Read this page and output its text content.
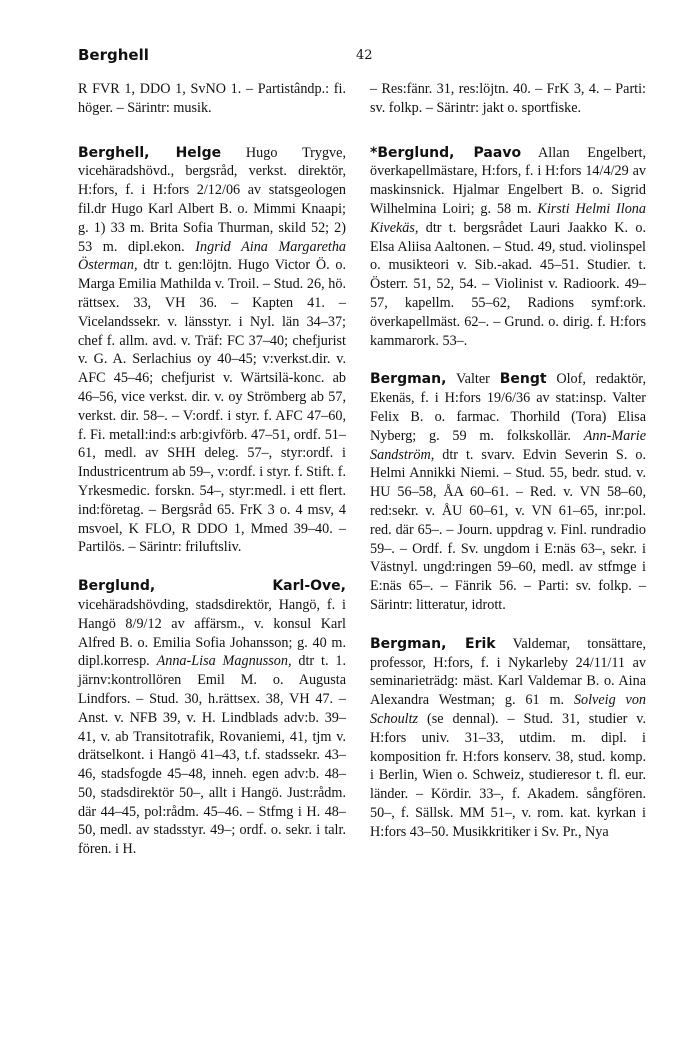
Berghell	42

R FVR 1, DDO 1, SvNO 1. – Partistândp.: fi. höger. – Särintr: musik.

Berghell, Helge Hugo Trygve, vicehäradshövd., bergsråd, verkst. direktör, H:fors, f. i H:fors 2/12/06 av statsgeologen fil.dr Hugo Karl Albert B. o. Mimmi Knaapi; g. 1) 33 m. Brita Sofia Thurman, skild 52; 2) 53 m. dipl.ekon. Ingrid Aina Margaretha Österman, dtr t. gen:löjtn. Hugo Victor Ö. o. Marga Emilia Mathilda v. Troil. – Stud. 26, hö. rättsex. 33, VH 36. – Kapten 41. – Vicelandssekr. v. länsstyr. i Nyl. län 34–37; chef f. allm. avd. v. Träf: FC 37–40; chefjurist v. G. A. Serlachius oy 40–45; v:verkst.dir. v. AFC 45–46; chefjurist v. Wärtsilä-konc. ab 46–56, vice verkst. dir. v. oy Strömberg ab 57, verkst. dir. 58–. – V:ordf. i styr. f. AFC 47–60, f. Fi. metall:ind:s arb:givförb. 47–51, ordf. 51–61, medl. av SHH deleg. 57–, styr:ordf. i Industricentrum ab 59–, v:ordf. i styr. f. Stift. f. Yrkesmedic. forskn. 54–, styr:medl. i ett flert. ind:företag. – Bergsråd 65. FrK 3 o. 4 msv, 4 msvoel, K FLO, R DDO 1, Mmed 39–40. – Partilös. – Särintr: friluftsliv.

Berglund, Karl-Ove, vicehäradshövding, stadsdirektör, Hangö, f. i Hangö 8/9/12 av affärsm., v. konsul Karl Alfred B. o. Emilia Sofia Johansson; g. 40 m. dipl.korresp. Anna-Lisa Magnusson, dtr t. 1. järnv:kontrollören Emil M. o. Augusta Lindfors. – Stud. 30, h.rättsex. 38, VH 47. – Anst. v. NFB 39, v. H. Lindblads adv:b. 39–41, v. ab Transitotrafik, Rovaniemi, 41, tjm v. drätselkont. i Hangö 41–43, t.f. stadssekr. 43–46, stadsfogde 45–48, inneh. egen adv:b. 48–50, stadsdirektör 50–, allt i Hangö. Just:rådm. där 44–45, pol:rådm. 45–46. – Stfmg i H. 48–50, medl. av stadsstyr. 49–; ordf. o. sekr. i talr. fören. i H.

– Res:fänr. 31, res:löjtn. 40. – FrK 3, 4. – Parti: sv. folkp. – Särintr: jakt o. sportfiske.

*Berglund, Paavo Allan Engelbert, överkapellmästare, H:fors, f. i H:fors 14/4/29 av maskinsnick. Hjalmar Engelbert B. o. Sigrid Wilhelmina Loiri; g. 58 m. Kirsti Helmi Ilona Kivekäs, dtr t. bergsrådet Lauri Jaakko K. o. Elsa Aliisa Aaltonen. – Stud. 49, stud. violinspel o. musikteori v. Sib.-akad. 45–51. Studier. t. Österr. 51, 52, 54. – Violinist v. Radioork. 49–57, kapellm. 55–62, Radions symf:ork. överkapellmäst. 62–. – Grund. o. dirig. f. H:fors kammarork. 53–.

Bergman, Valter Bengt Olof, redaktör, Ekenäs, f. i H:fors 19/6/36 av stat:insp. Valter Felix B. o. farmac. Thorhild (Tora) Elisa Nyberg; g. 59 m. folkskollär. Ann-Marie Sandström, dtr t. svarv. Edvin Severin S. o. Helmi Annikki Niemi. – Stud. 55, bedr. stud. v. HU 56–58, ÅA 60–61. – Red. v. VN 58–60, red:sekr. v. ÅU 60–61, v. VN 61–65, inr:pol. red. där 65–. – Journ. uppdrag v. Finl. rundradio 59–. – Ordf. f. Sv. ungdom i E:näs 63–, sekr. i Västnyl. ungd:ringen 59–60, medl. av stfmge i E:näs 65–. – Fänrik 56. – Parti: sv. folkp. – Särintr: litteratur, idrott.

Bergman, Erik Valdemar, tonsättare, professor, H:fors, f. i Nykarleby 24/11/11 av seminarieträdg: mäst. Karl Valdemar B. o. Aina Alexandra Westman; g. 61 m. Solveig von Schoultz (se dennal). – Stud. 31, studier v. H:fors univ. 31–33, utdim. m. dipl. i komposition fr. H:fors konserv. 38, stud. komp. i Berlin, Wien o. Schweiz, studieresor t. fl. eur. länder. – Kördir. 33–, f. Akadem. sångfören. 50–, f. Sällsk. MM 51–, v. rom. kat. kyrkan i H:fors 43–50. Musikkritiker i Sv. Pr., Nya
